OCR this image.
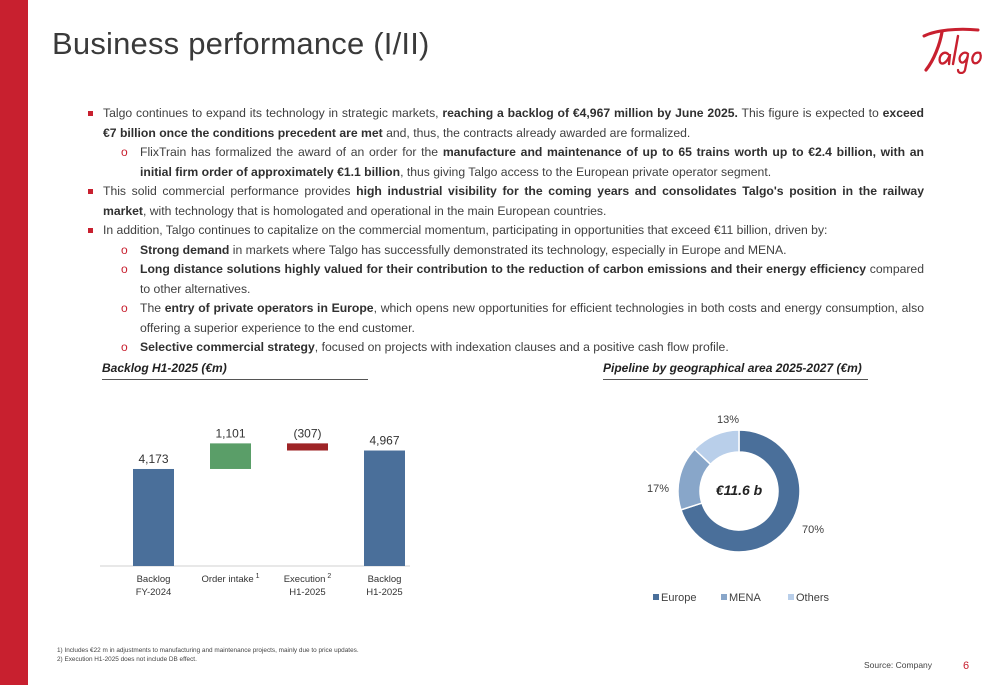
Business performance (I/II)
Talgo continues to expand its technology in strategic markets, reaching a backlog of €4,967 million by June 2025. This figure is expected to exceed €7 billion once the conditions precedent are met and, thus, the contracts already awarded are formalized.
o FlixTrain has formalized the award of an order for the manufacture and maintenance of up to 65 trains worth up to €2.4 billion, with an initial firm order of approximately €1.1 billion, thus giving Talgo access to the European private operator segment.
This solid commercial performance provides high industrial visibility for the coming years and consolidates Talgo's position in the railway market, with technology that is homologated and operational in the main European countries.
In addition, Talgo continues to capitalize on the commercial momentum, participating in opportunities that exceed €11 billion, driven by:
o Strong demand in markets where Talgo has successfully demonstrated its technology, especially in Europe and MENA.
o Long distance solutions highly valued for their contribution to the reduction of carbon emissions and their energy efficiency compared to other alternatives.
o The entry of private operators in Europe, which opens new opportunities for efficient technologies in both costs and energy consumption, also offering a superior experience to the end customer.
o Selective commercial strategy, focused on projects with indexation clauses and a positive cash flow profile.
Backlog H1-2025 (€m)
4,173
Backlog
FY-2024
1,101
Order intake $^1$
(307)
Execution $^2$
H1-2025
4,967
Backlog
H1-2025
Pipeline by geographical area 2025-2027 (€m)
70%
17%
13%
€11.6 b
Europe	MENA	Others
1) Includes €22 m in adjustments to manufacturing and maintenance projects, mainly due to price updates.
2) Execution H1-2025 does not include DB effect.
Source: Company	6
